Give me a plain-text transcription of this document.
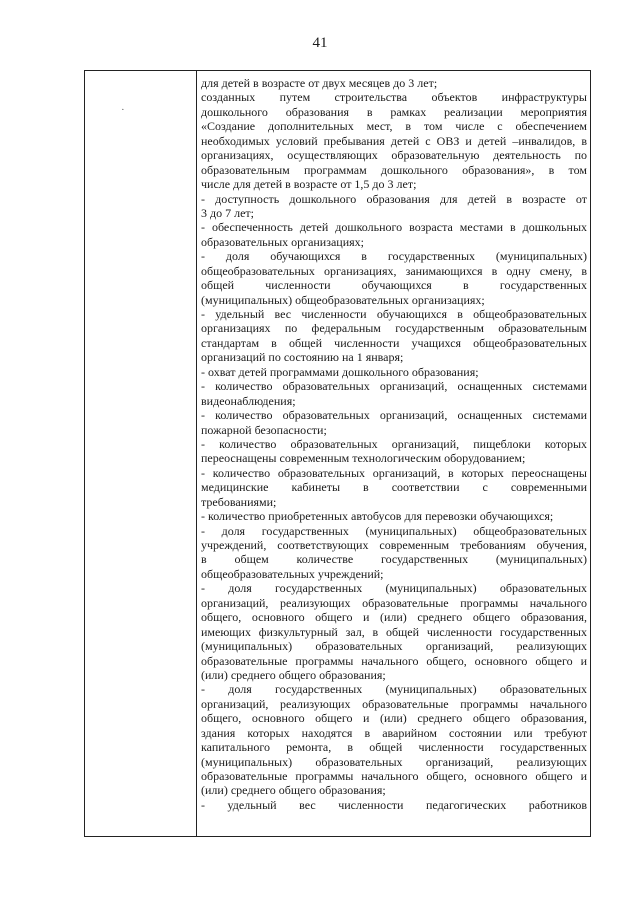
41
для детей в возрасте от двух месяцев до 3 лет;
созданных путем строительства объектов инфраструктуры
дошкольного образования в рамках реализации мероприятия
«Создание дополнительных мест, в том числе с обеспечением
необходимых условий пребывания детей с ОВЗ и детей –инвалидов, в
организациях, осуществляющих образовательную деятельность по
образовательным программам дошкольного образования», в том
числе для детей в возрасте от 1,5 до 3 лет;
- доступность дошкольного образования для детей в возрасте от
3 до 7 лет;
- обеспеченность детей дошкольного возраста местами в дошкольных
образовательных организациях;
- доля обучающихся в государственных (муниципальных)
общеобразовательных организациях, занимающихся в одну смену, в
общей численности обучающихся в государственных
(муниципальных) общеобразовательных организациях;
- удельный вес численности обучающихся в общеобразовательных
организациях по федеральным государственным образовательным
стандартам в общей численности учащихся общеобразовательных
организаций по состоянию на 1 января;
- охват детей программами дошкольного образования;
- количество образовательных организаций, оснащенных системами
видеонаблюдения;
- количество образовательных организаций, оснащенных системами
пожарной безопасности;
- количество образовательных организаций, пищеблоки которых
переоснащены современным технологическим оборудованием;
- количество образовательных организаций, в которых переоснащены
медицинские кабинеты в соответствии с современными
требованиями;
- количество приобретенных автобусов для перевозки обучающихся;
- доля государственных (муниципальных) общеобразовательных
учреждений, соответствующих современным требованиям обучения,
в общем количестве государственных (муниципальных)
общеобразовательных учреждений;
- доля государственных (муниципальных) образовательных
организаций, реализующих образовательные программы начального
общего, основного общего и (или) среднего общего образования,
имеющих физкультурный зал, в общей численности государственных
(муниципальных) образовательных организаций, реализующих
образовательные программы начального общего, основного общего и
(или) среднего общего образования;
- доля государственных (муниципальных) образовательных
организаций, реализующих образовательные программы начального
общего, основного общего и (или) среднего общего образования,
здания которых находятся в аварийном состоянии или требуют
капитального ремонта, в общей численности государственных
(муниципальных) образовательных организаций, реализующих
образовательные программы начального общего, основного общего и
(или) среднего общего образования;
- удельный вес численности педагогических работников
·
